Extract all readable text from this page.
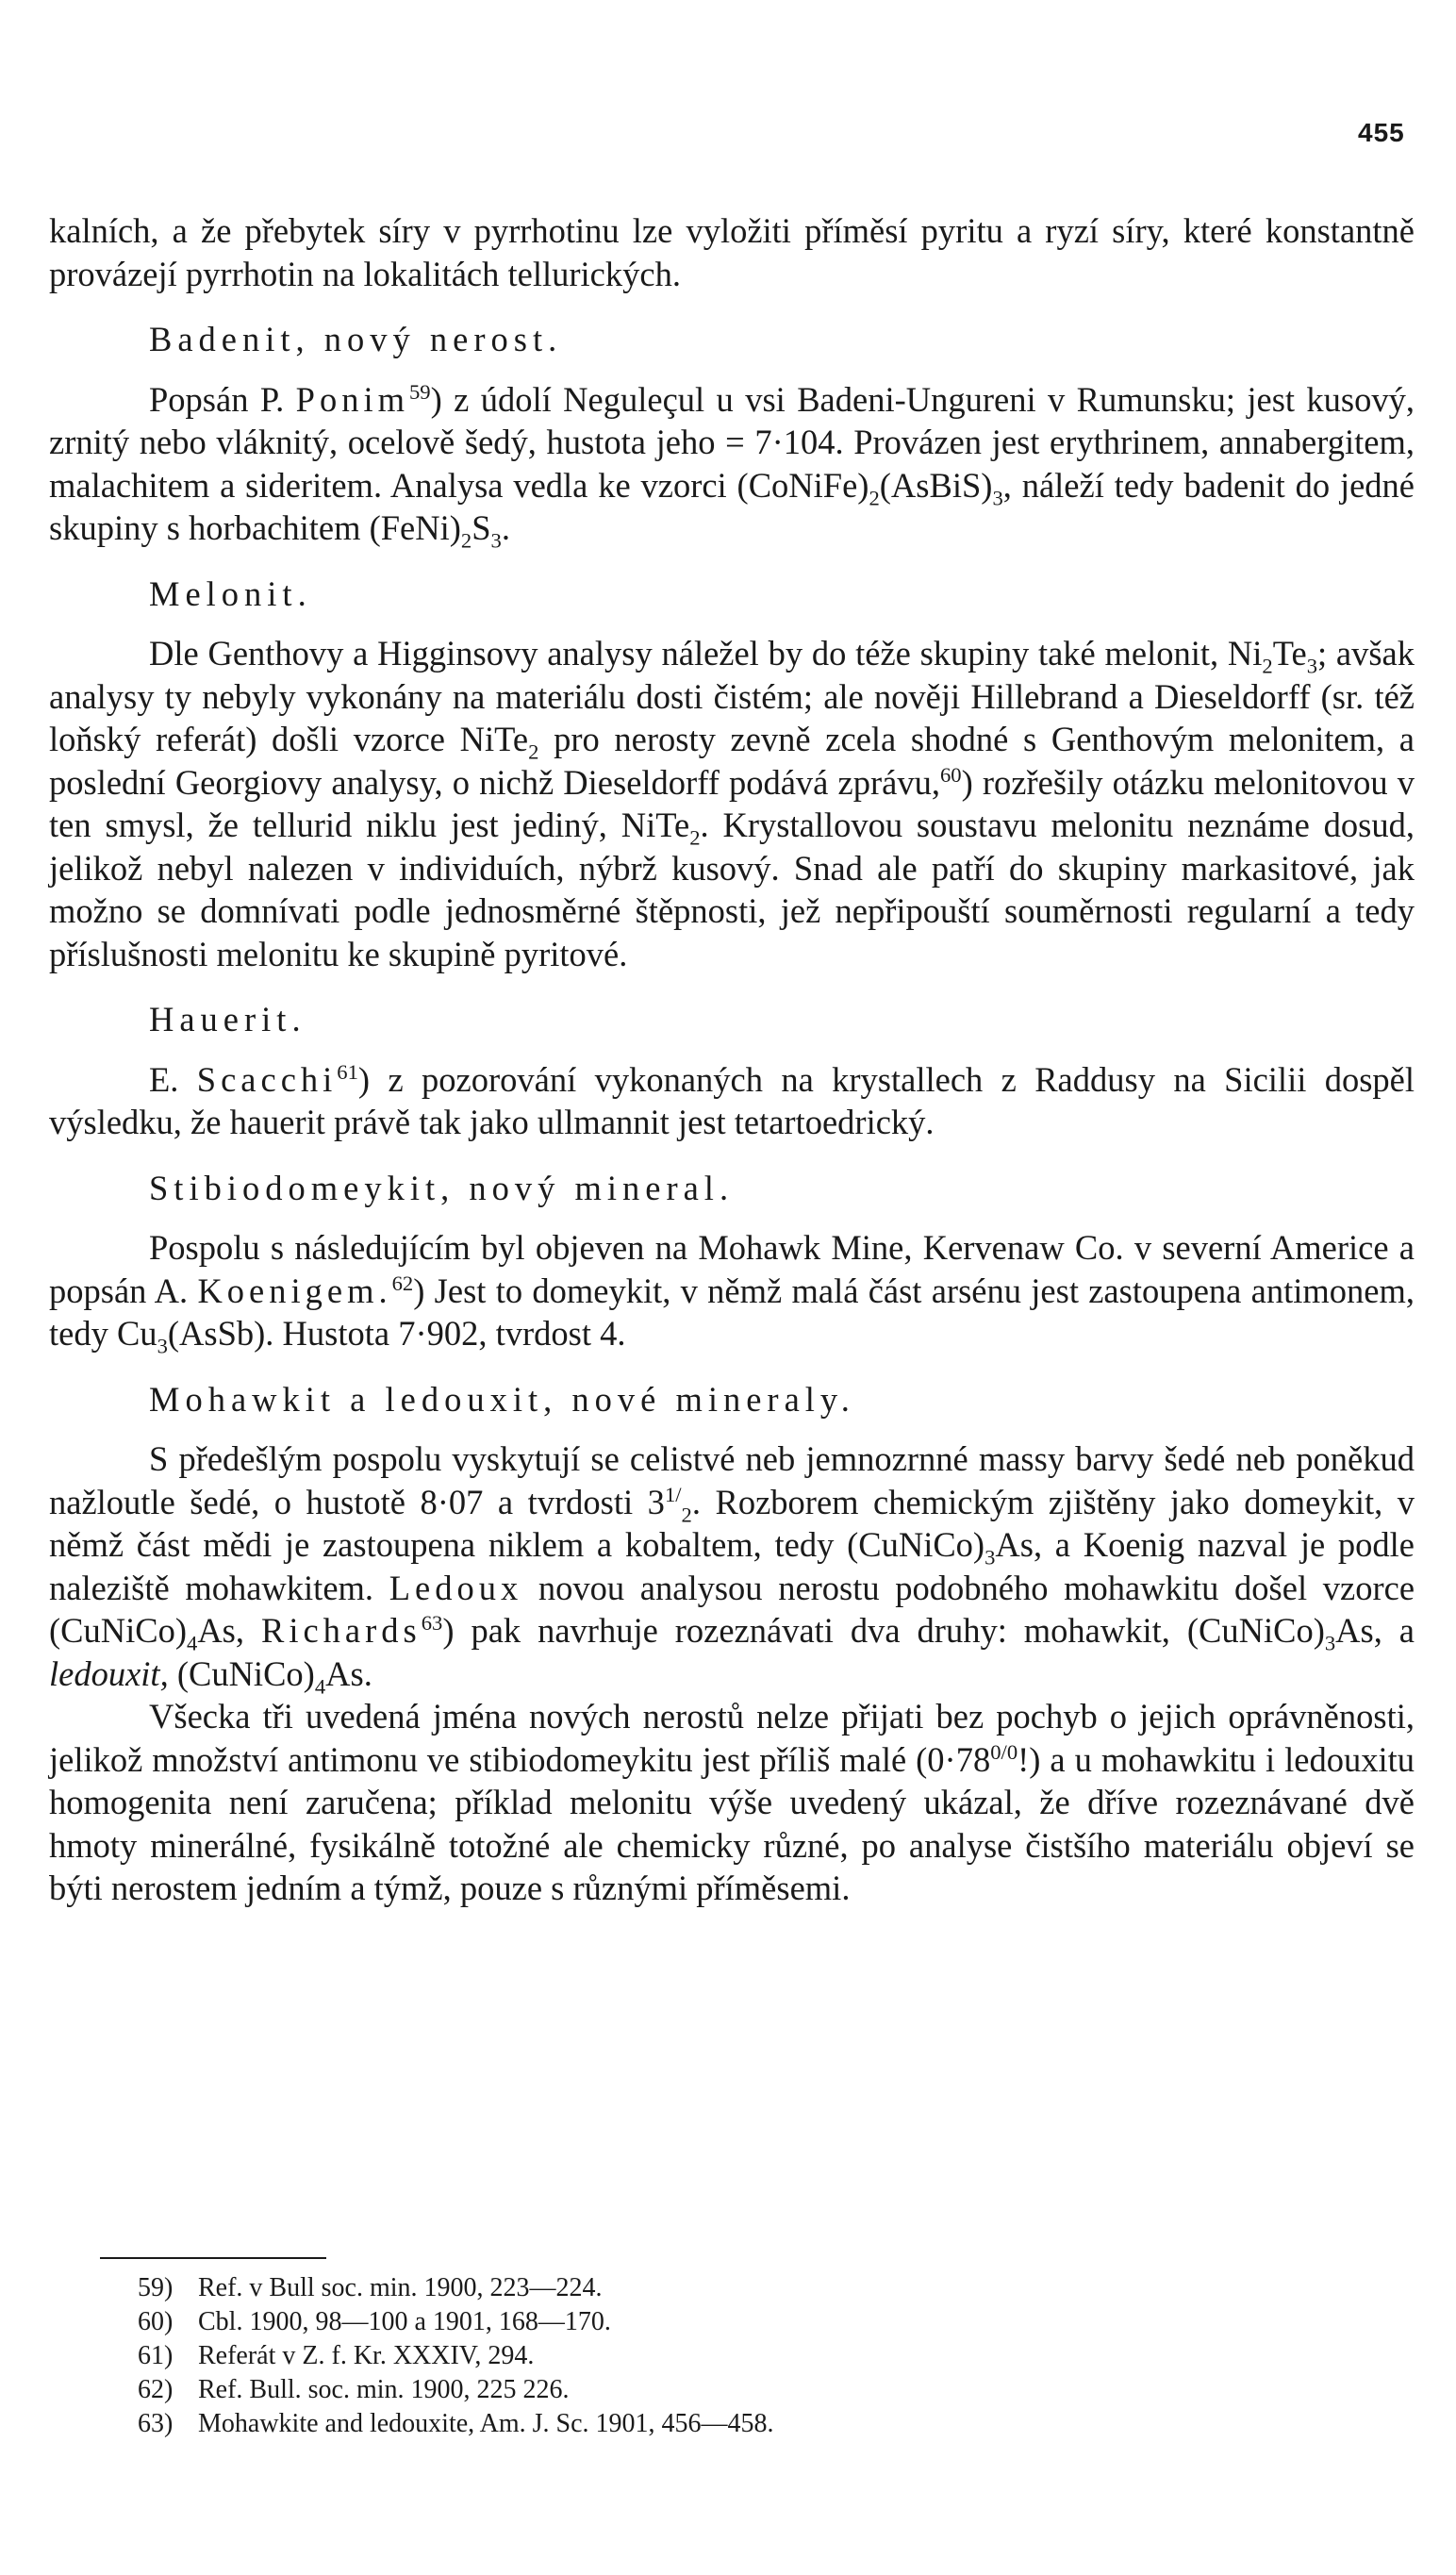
455

kalních, a že přebytek síry v pyrrhotinu lze vyložiti příměsí pyritu a ryzí síry, které konstantně provázejí pyrrhotin na lokalitách tellurických.

Badenit, nový nerost.

Popsán P. Ponim$^{59}$) z údolí Neguleçul u vsi Badeni-Ungureni v Rumunsku; jest kusový, zrnitý nebo vláknitý, ocelově šedý, hustota jeho = 7·104. Provázen jest erythrinem, annabergitem, malachitem a sideritem. Analysa vedla ke vzorci $(CoNiFe)_2(AsBiS)_3$, náleží tedy badenit do jedné skupiny s horbachitem $(FeNi)_2S_3$.

Melonit.

Dle Genthovy a Higginsovy analysy náležel by do téže skupiny také melonit, $Ni_2Te_3$; avšak analysy ty nebyly vykonány na materiálu dosti čistém; ale nověji Hillebrand a Dieseldorff (sr. též loňský referát) došli vzorce NiTe$_2$ pro nerosty zevně zcela shodné s Genthovým melonitem, a poslední Georgiovy analysy, o nichž Dieseldorff podává zprávu,$^{60}$) rozřešily otázku melonitovou v ten smysl, že tellurid niklu jest jediný, NiTe$_2$. Krystallovou soustavu melonitu neznáme dosud, jelikož nebyl nalezen v individuích, nýbrž kusový. Snad ale patří do skupiny markasitové, jak možno se domnívati podle jednosměrné štěpnosti, jež nepřipouští souměrnosti regularní a tedy příslušnosti melonitu ke skupině pyritové.

Hauerit.

E. Scacchi$^{61}$) z pozorování vykonaných na krystallech z Raddusy na Sicilii dospěl výsledku, že hauerit právě tak jako ullmannit jest tetartoedrický.

Stibiodomeykit, nový mineral.

Pospolu s následujícím byl objeven na Mohawk Mine, Kervenaw Co. v severní Americe a popsán A. Koenigem.$^{62}$) Jest to domeykit, v němž malá část arsénu jest zastoupena antimonem, tedy $Cu_3(AsSb)$. Hustota 7·902, tvrdost 4.

Mohawkit a ledouxit, nové mineraly.

S předešlým pospolu vyskytují se celistvé neb jemnozrnné massy barvy šedé neb poněkud nažloutle šedé, o hustotě 8·07 a tvrdosti $3^{1/}_2$. Rozborem chemickým zjištěny jako domeykit, v němž část mědi je zastoupena niklem a kobaltem, tedy $(CuNiCo)_3As$, a Koenig nazval je podle naleziště mohawkitem. Ledoux novou analysou nerostu podobného mohawkitu došel vzorce $(CuNiCo)_4As$, Richards$^{63}$) pak navrhuje rozeznávati dva druhy: mohawkit, $(CuNiCo)_3As$, a ledouxit, $(CuNiCo)_4As$.

Všecka tři uvedená jména nových nerostů nelze přijati bez pochyb o jejich oprávněnosti, jelikož množství antimonu ve stibiodomeykitu jest příliš malé $(0\cdot 78^{0/0}!)$ a u mohawkitu i ledouxitu homogenita není zaručena; příklad melonitu výše uvedený ukázal, že dříve rozeznávané dvě hmoty minerálné, fysikálně totožné ale chemicky různé, po analyse čistšího materiálu objeví se býti nerostem jedním a týmž, pouze s různými příměsemi.

59) Ref. v Bull soc. min. 1900, 223—224.
60) Cbl. 1900, 98—100 a 1901, 168—170.
61) Referát v Z. f. Kr. XXXIV, 294.
62) Ref. Bull. soc. min. 1900, 225 226.
63) Mohawkite and ledouxite, Am. J. Sc. 1901, 456—458.
